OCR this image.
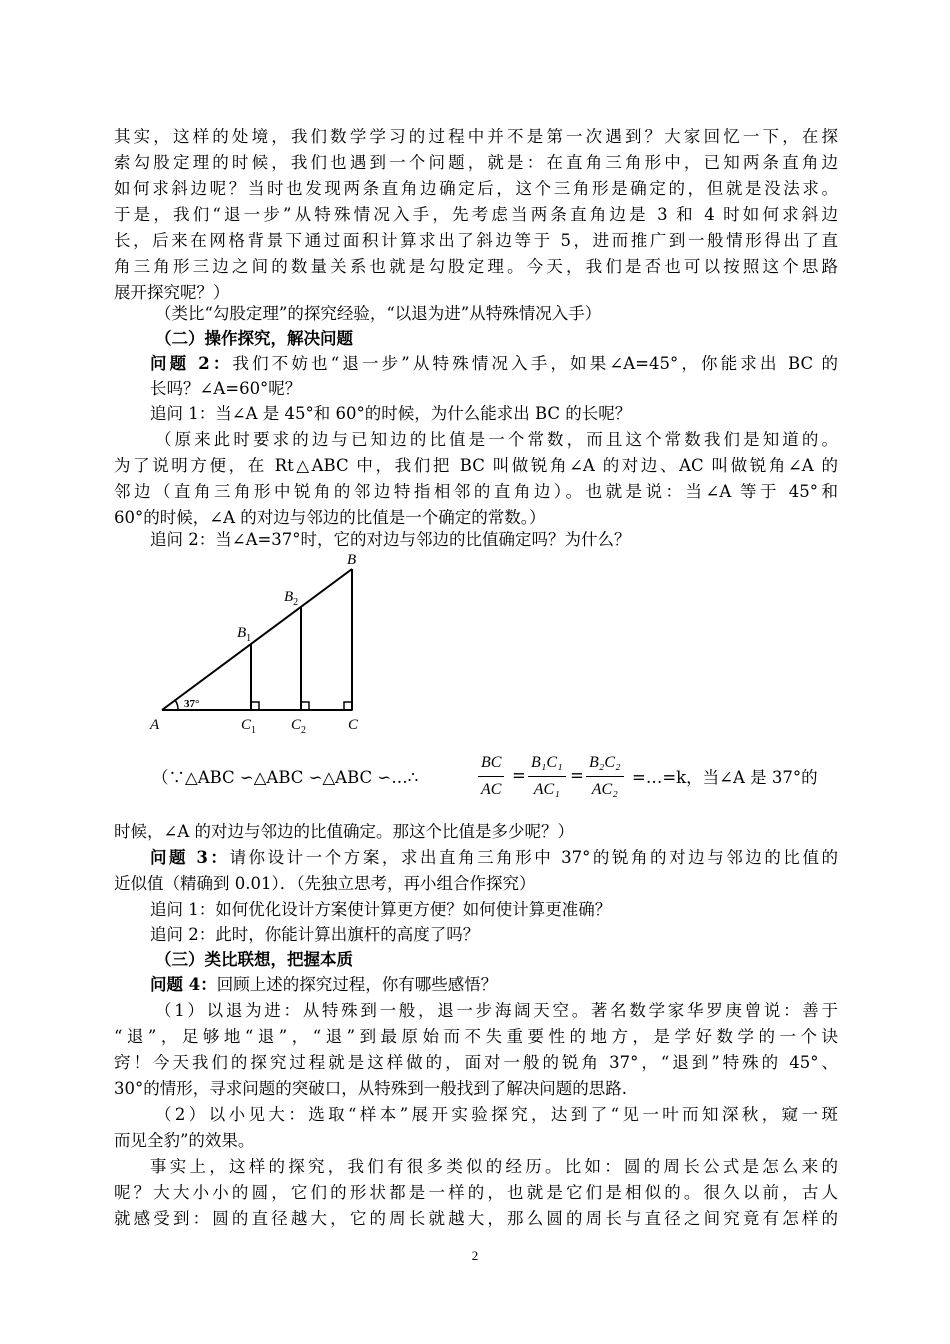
其实，这样的处境，我们数学学习的过程中并不是第一次遇到？大家回忆一下，在探
索勾股定理的时候，我们也遇到一个问题，就是：在直角三角形中，已知两条直角边
如何求斜边呢？当时也发现两条直角边确定后，这个三角形是确定的，但就是没法求。
于是，我们“退一步”从特殊情况入手，先考虑当两条直角边是 3 和 4 时如何求斜边
长，后来在网格背景下通过面积计算求出了斜边等于 5，进而推广到一般情形得出了直
角三角形三边之间的数量关系也就是勾股定理。今天，我们是否也可以按照这个思路
展开探究呢？）
（类比“勾股定理”的探究经验，“以退为进”从特殊情况入手）
（二）操作探究，解决问题
问题 2：我们不妨也“退一步”从特殊情况入手，如果∠A=45°，你能求出 BC 的
长吗？∠A=60°呢？
追问 1：当∠A 是 45°和 60°的时候，为什么能求出 BC 的长呢？
（原来此时要求的边与已知边的比值是一个常数，而且这个常数我们是知道的。
为了说明方便，在 Rt△ABC 中，我们把 BC 叫做锐角∠A 的对边、AC 叫做锐角∠A 的
邻边（直角三角形中锐角的邻边特指相邻的直角边）。也就是说：当∠A 等于 45°和
60°的时候，∠A 的对边与邻边的比值是一个确定的常数。）
追问 2：当∠A=37°时，它的对边与邻边的比值确定吗？为什么？
37°
A
B
$B_2$
$B_1$
$C_1$ $C_2$	C
（∵△ABC ∽△ABC ∽△ABC ∽…∴	$\frac{BC}{AC} = \frac{\text{B₁C₁}}{\text{AC₁}} = \frac{\text{B₂C₂}}{\text{AC₂}}$ =…=k，当∠A 是 37°的
时候，∠A 的对边与邻边的比值确定。那这个比值是多少呢？）
问题 3：请你设计一个方案，求出直角三角形中 37°的锐角的对边与邻边的比值的
近似值（精确到 0.01）．（先独立思考，再小组合作探究）
追问 1：如何优化设计方案使计算更方便？如何使计算更准确？
追问 2：此时，你能计算出旗杆的高度了吗？
（三）类比联想，把握本质
问题 4：回顾上述的探究过程，你有哪些感悟？
（1）以退为进：从特殊到一般，退一步海阔天空。著名数学家华罗庚曾说：善于
“退”，足够地“退”，“退”到最原始而不失重要性的地方，是学好数学的一个诀
窍！今天我们的探究过程就是这样做的，面对一般的锐角 37°，“退到”特殊的 45°、
30°的情形，寻求问题的突破口，从特殊到一般找到了解决问题的思路.
（2）以小见大：选取“样本”展开实验探究，达到了“见一叶而知深秋，窥一斑
而见全豹”的效果。
事实上，这样的探究，我们有很多类似的经历。比如：圆的周长公式是怎么来的
呢？大大小小的圆，它们的形状都是一样的，也就是它们是相似的。很久以前，古人
就感受到：圆的直径越大，它的周长就越大，那么圆的周长与直径之间究竟有怎样的
2
